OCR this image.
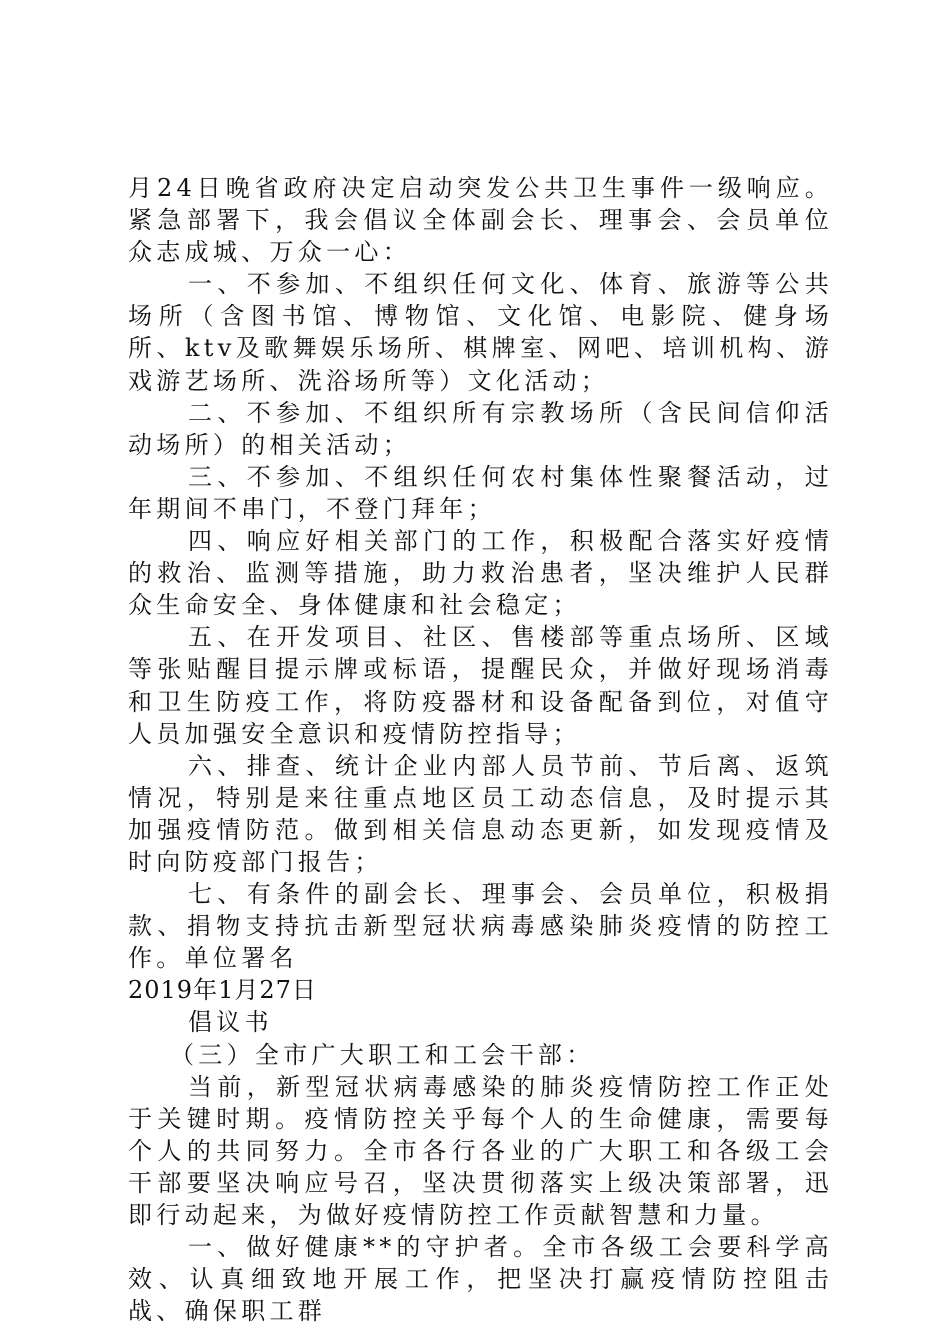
月24日晚省政府决定启动突发公共卫生事件一级响应。紧急部署下，我会倡议全体副会长、理事会、会员单位众志成城、万众一心：

一、不参加、不组织任何文化、体育、旅游等公共场所（含图书馆、博物馆、文化馆、电影院、健身场所、ktv及歌舞娱乐场所、棋牌室、网吧、培训机构、游戏游艺场所、洗浴场所等）文化活动；

二、不参加、不组织所有宗教场所（含民间信仰活动场所）的相关活动；

三、不参加、不组织任何农村集体性聚餐活动，过年期间不串门，不登门拜年；

四、响应好相关部门的工作，积极配合落实好疫情的救治、监测等措施，助力救治患者，坚决维护人民群众生命安全、身体健康和社会稳定；

五、在开发项目、社区、售楼部等重点场所、区域等张贴醒目提示牌或标语，提醒民众，并做好现场消毒和卫生防疫工作，将防疫器材和设备配备到位，对值守人员加强安全意识和疫情防控指导；

六、排查、统计企业内部人员节前、节后离、返筑情况，特别是来往重点地区员工动态信息，及时提示其加强疫情防范。做到相关信息动态更新，如发现疫情及时向防疫部门报告；

七、有条件的副会长、理事会、会员单位，积极捐款、捐物支持抗击新型冠状病毒感染肺炎疫情的防控工作。单位署名

2019年1月27日

倡议书

（三）全市广大职工和工会干部：

当前，新型冠状病毒感染的肺炎疫情防控工作正处于关键时期。疫情防控关乎每个人的生命健康，需要每个人的共同努力。全市各行各业的广大职工和各级工会干部要坚决响应号召，坚决贯彻落实上级决策部署，迅即行动起来，为做好疫情防控工作贡献智慧和力量。

一、做好健康**的守护者。全市各级工会要科学高效、认真细致地开展工作，把坚决打赢疫情防控阻击战、确保职工群
